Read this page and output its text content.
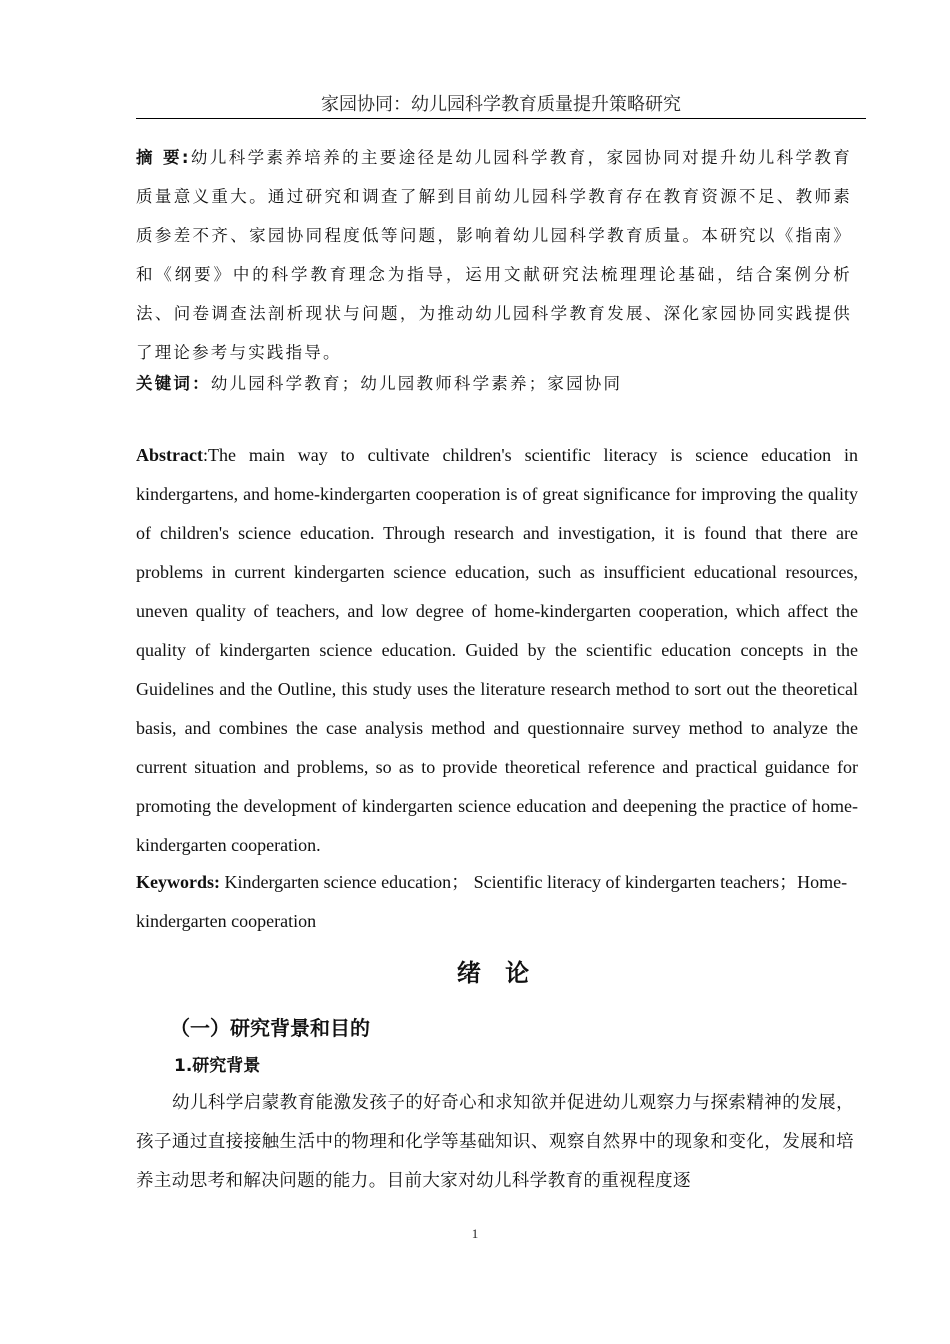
家园协同：幼儿园科学教育质量提升策略研究

摘 要:幼儿科学素养培养的主要途径是幼儿园科学教育，家园协同对提升幼儿科学教育质量意义重大。通过研究和调查了解到目前幼儿园科学教育存在教育资源不足、教师素质参差不齐、家园协同程度低等问题，影响着幼儿园科学教育质量。本研究以《指南》和《纲要》中的科学教育理念为指导，运用文献研究法梳理理论基础，结合案例分析法、问卷调查法剖析现状与问题，为推动幼儿园科学教育发展、深化家园协同实践提供了理论参考与实践指导。

关键词：幼儿园科学教育；幼儿园教师科学素养；家园协同

Abstract:The main way to cultivate children's scientific literacy is science education in kindergartens, and home-kindergarten cooperation is of great significance for improving the quality of children's science education. Through research and investigation, it is found that there are problems in current kindergarten science education, such as insufficient educational resources, uneven quality of teachers, and low degree of home-kindergarten cooperation, which affect the quality of kindergarten science education. Guided by the scientific education concepts in the Guidelines and the Outline, this study uses the literature research method to sort out the theoretical basis, and combines the case analysis method and questionnaire survey method to analyze the current situation and problems, so as to provide theoretical reference and practical guidance for promoting the development of kindergarten science education and deepening the practice of home-kindergarten cooperation.

Keywords: Kindergarten science education； Scientific literacy of kindergarten teachers；Home-kindergarten cooperation

绪 论
（一）研究背景和目的
1.研究背景

幼儿科学启蒙教育能激发孩子的好奇心和求知欲并促进幼儿观察力与探索精神的发展，孩子通过直接接触生活中的物理和化学等基础知识、观察自然界中的现象和变化，发展和培养主动思考和解决问题的能力。目前大家对幼儿科学教育的重视程度逐

1
